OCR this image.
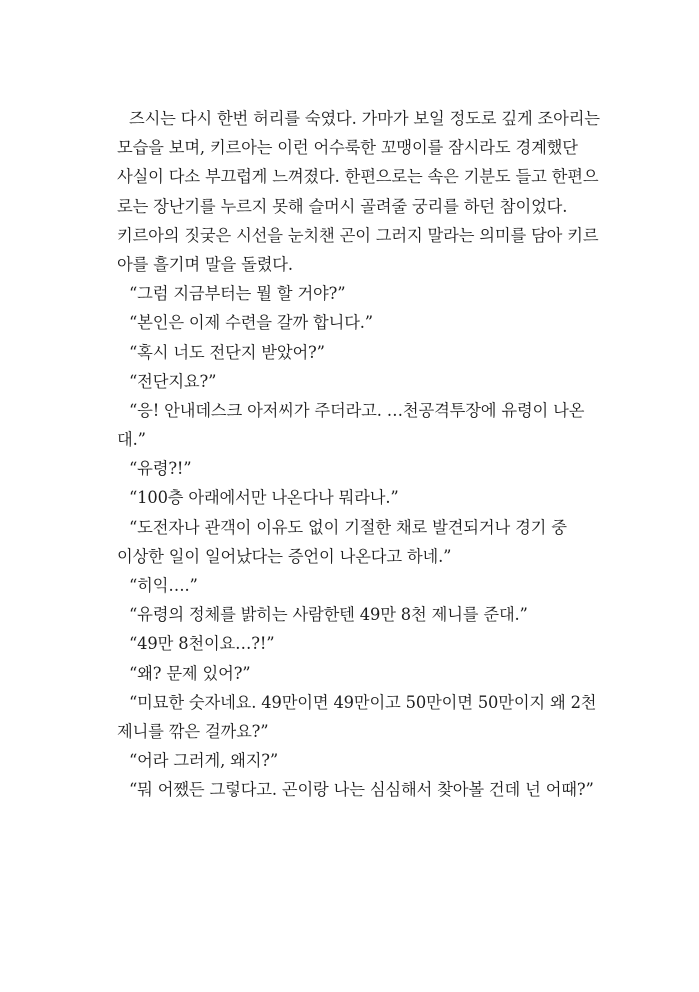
즈시는 다시 한번 허리를 숙였다. 가마가 보일 정도로 깊게 조아리는
모습을 보며, 키르아는 이런 어수룩한 꼬맹이를 잠시라도 경계했단
사실이 다소 부끄럽게 느껴졌다. 한편으로는 속은 기분도 들고 한편으
로는 장난기를 누르지 못해 슬머시 골려줄 궁리를 하던 참이었다.
키르아의 짓궂은 시선을 눈치챈 곤이 그러지 말라는 의미를 담아 키르
아를 흘기며 말을 돌렸다.
“그럼 지금부터는 뭘 할 거야?”
“본인은 이제 수련을 갈까 합니다.”
“혹시 너도 전단지 받았어?”
“전단지요?”
“응! 안내데스크 아저씨가 주더라고. …천공격투장에 유령이 나온
대.”
“유령?!”
“100층 아래에서만 나온다나 뭐라나.”
“도전자나 관객이 이유도 없이 기절한 채로 발견되거나 경기 중
이상한 일이 일어났다는 증언이 나온다고 하네.”
“히익….”
“유령의 정체를 밝히는 사람한텐 49만 8천 제니를 준대.”
“49만 8천이요…?!”
“왜? 문제 있어?”
“미묘한 숫자네요. 49만이면 49만이고 50만이면 50만이지 왜 2천
제니를 깎은 걸까요?”
“어라 그러게, 왜지?”
“뭐 어쨌든 그렇다고. 곤이랑 나는 심심해서 찾아볼 건데 넌 어때?”
